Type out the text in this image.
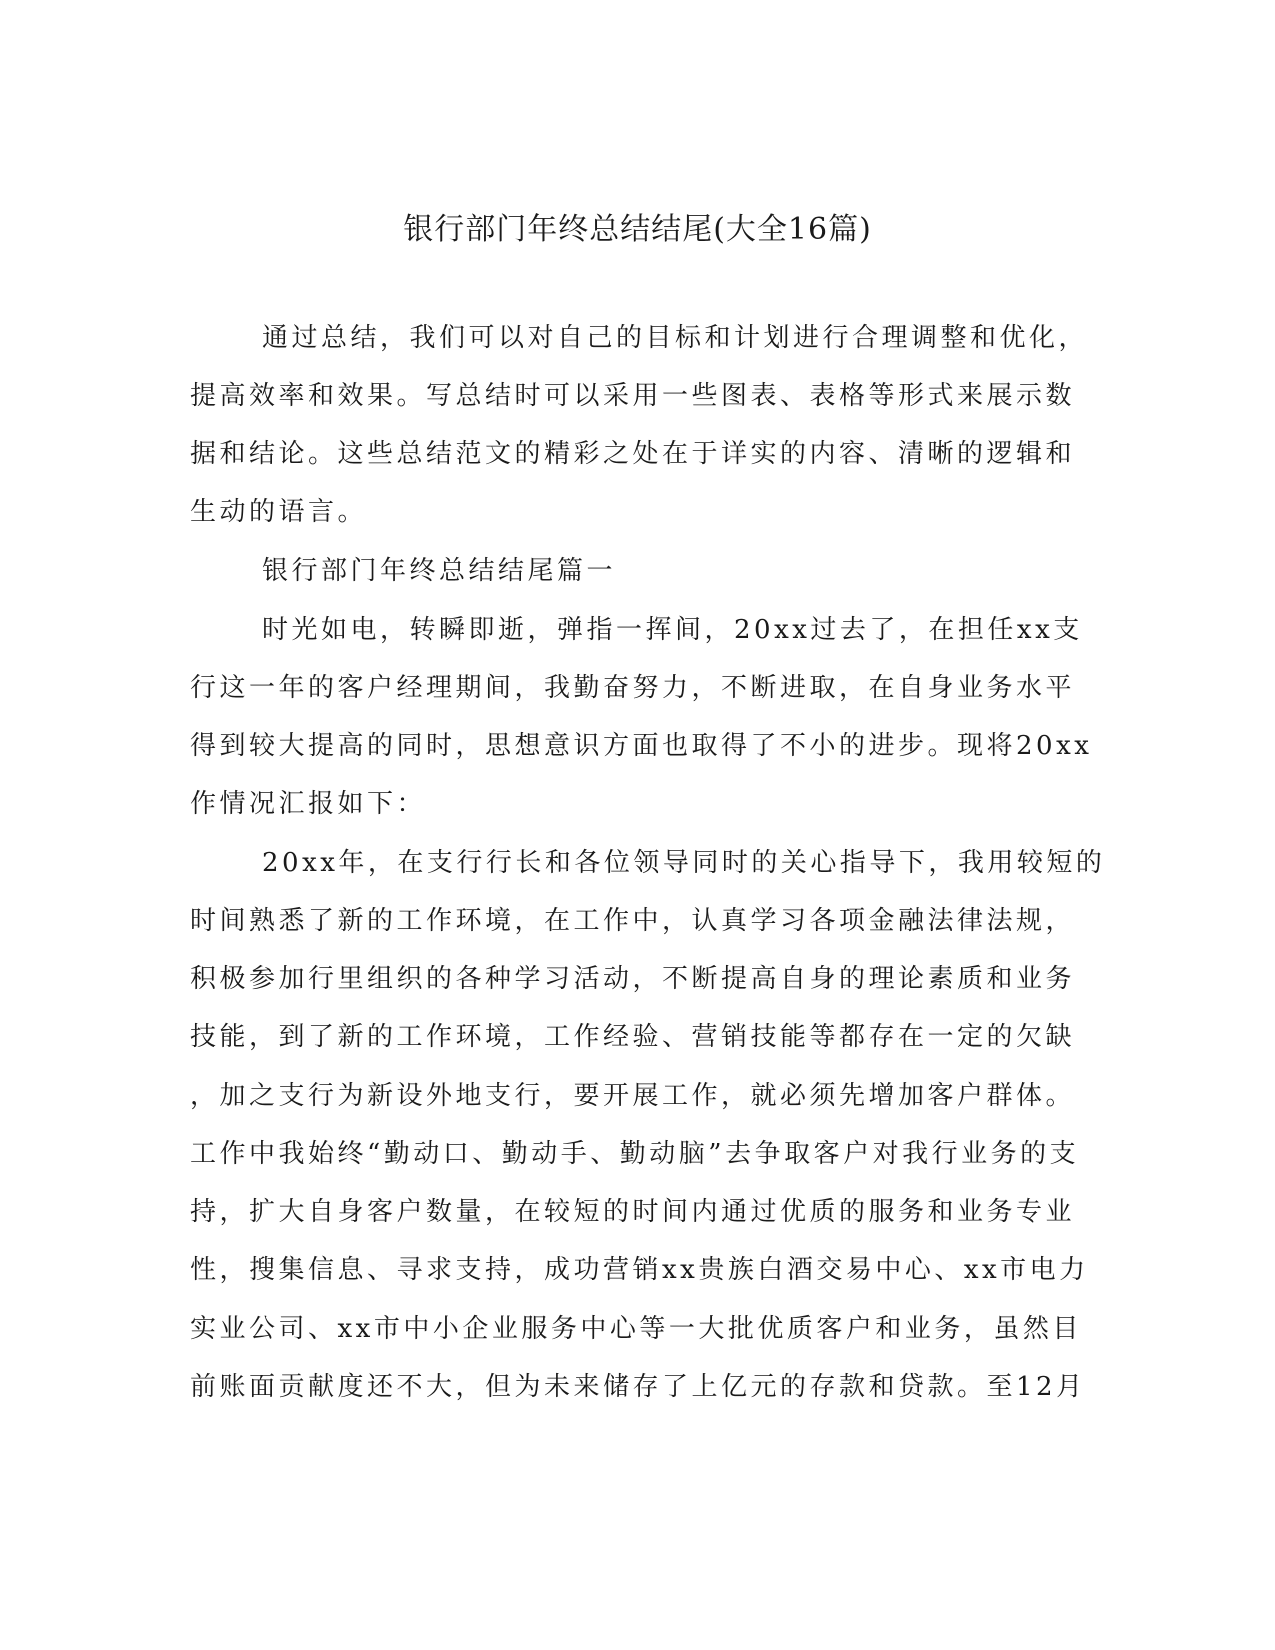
银行部门年终总结结尾(大全16篇)

通过总结，我们可以对自己的目标和计划进行合理调整和优化，

提高效率和效果。写总结时可以采用一些图表、表格等形式来展示数

据和结论。这些总结范文的精彩之处在于详实的内容、清晰的逻辑和

生动的语言。

银行部门年终总结结尾篇一

时光如电，转瞬即逝，弹指一挥间，20xx过去了，在担任xx支

行这一年的客户经理期间，我勤奋努力，不断进取，在自身业务水平

得到较大提高的同时，思想意识方面也取得了不小的进步。现将20xx

作情况汇报如下：

20xx年，在支行行长和各位领导同时的关心指导下，我用较短的

时间熟悉了新的工作环境，在工作中，认真学习各项金融法律法规，

积极参加行里组织的各种学习活动，不断提高自身的理论素质和业务

技能，到了新的工作环境，工作经验、营销技能等都存在一定的欠缺

，加之支行为新设外地支行，要开展工作，就必须先增加客户群体。

工作中我始终“勤动口、勤动手、勤动脑”去争取客户对我行业务的支

持，扩大自身客户数量，在较短的时间内通过优质的服务和业务专业

性，搜集信息、寻求支持，成功营销xx贵族白酒交易中心、xx市电力

实业公司、xx市中小企业服务中心等一大批优质客户和业务，虽然目

前账面贡献度还不大，但为未来储存了上亿元的存款和贷款。至12月
